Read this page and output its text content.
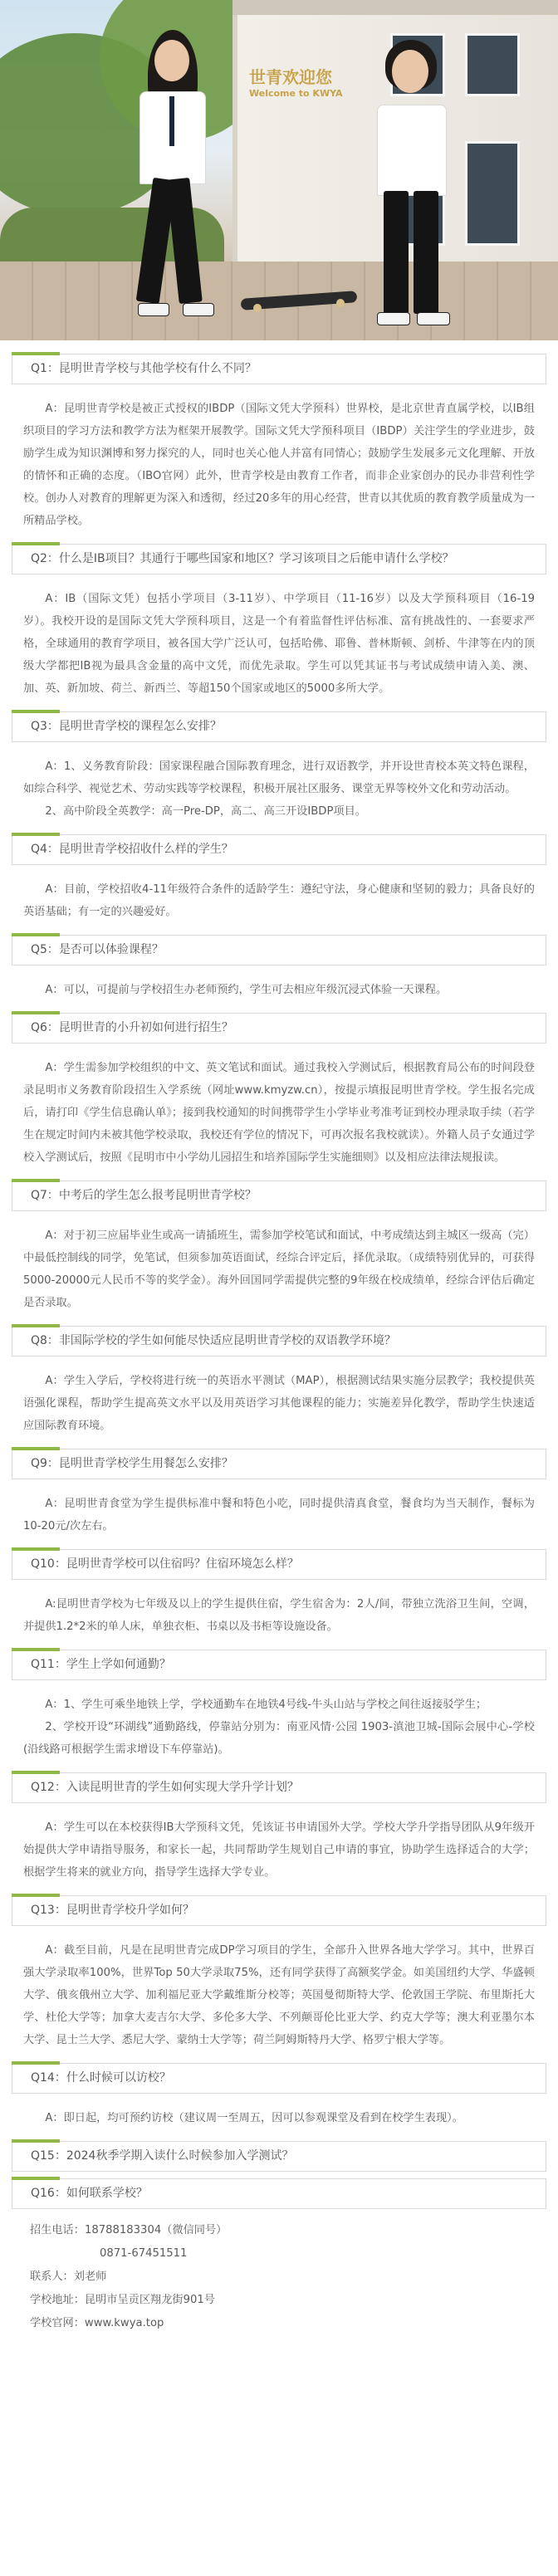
世青欢迎您
Welcome to KWYA
Q1：昆明世青学校与其他学校有什么不同？

A：昆明世青学校是被正式授权的IBDP（国际文凭大学预科）世界校，是北京世青直属学校，以IB组织项目的学习方法和教学方法为框架开展教学。国际文凭大学预科项目（IBDP）关注学生的学业进步，鼓励学生成为知识渊博和努力探究的人，同时也关心他人并富有同情心；鼓励学生发展多元文化理解、开放的情怀和正确的态度。（IBO官网）此外，世青学校是由教育工作者，而非企业家创办的民办非营利性学校。创办人对教育的理解更为深入和透彻，经过20多年的用心经营，世青以其优质的教育教学质量成为一所精品学校。

Q2：什么是IB项目？其通行于哪些国家和地区？学习该项目之后能申请什么学校？

A：IB（国际文凭）包括小学项目（3-11岁）、中学项目（11-16岁）以及大学预科项目（16-19岁）。我校开设的是国际文凭大学预科项目，这是一个有着监督性评估标准、富有挑战性的、一套要求严格，全球通用的教育学项目，被各国大学广泛认可，包括哈佛、耶鲁、普林斯顿、剑桥、牛津等在内的顶级大学都把IB视为最具含金量的高中文凭，而优先录取。学生可以凭其证书与考试成绩申请入美、澳、加、英、新加坡、荷兰、新西兰、等超150个国家或地区的5000多所大学。

Q3：昆明世青学校的课程怎么安排？

A：1、义务教育阶段：国家课程融合国际教育理念，进行双语教学，并开设世青校本英文特色课程，如综合科学、视觉艺术、劳动实践等学校课程，积极开展社区服务、课堂无界等校外文化和劳动活动。

2、高中阶段全英教学：高一Pre-DP，高二、高三开设IBDP项目。

Q4：昆明世青学校招收什么样的学生？

A：目前，学校招收4-11年级符合条件的适龄学生：遵纪守法，身心健康和坚韧的毅力；具备良好的英语基础；有一定的兴趣爱好。

Q5：是否可以体验课程？

A：可以，可提前与学校招生办老师预约，学生可去相应年级沉浸式体验一天课程。

Q6：昆明世青的小升初如何进行招生？

A：学生需参加学校组织的中文、英文笔试和面试。通过我校入学测试后，根据教育局公布的时间段登录昆明市义务教育阶段招生入学系统（网址www.kmyzw.cn），按提示填报昆明世青学校。学生报名完成后，请打印《学生信息确认单》；接到我校通知的时间携带学生小学毕业考准考证到校办理录取手续（若学生在规定时间内未被其他学校录取，我校还有学位的情况下，可再次报名我校就读）。外籍人员子女通过学校入学测试后，按照《昆明市中小学幼儿园招生和培养国际学生实施细则》以及相应法律法规报读。

Q7：中考后的学生怎么报考昆明世青学校？

A：对于初三应届毕业生或高一请插班生，需参加学校笔试和面试，中考成绩达到主城区一级高（完）中最低控制线的同学，免笔试，但须参加英语面试，经综合评定后，择优录取。（成绩特别优异的，可获得5000-20000元人民币不等的奖学金）。海外回国同学需提供完整的9年级在校成绩单，经综合评估后确定是否录取。

Q8：非国际学校的学生如何能尽快适应昆明世青学校的双语教学环境？

A：学生入学后，学校将进行统一的英语水平测试（MAP），根据测试结果实施分层教学；我校提供英语强化课程，帮助学生提高英文水平以及用英语学习其他课程的能力；实施差异化教学，帮助学生快速适应国际教育环境。

Q9：昆明世青学校学生用餐怎么安排？

A：昆明世青食堂为学生提供标准中餐和特色小吃，同时提供清真食堂，餐食均为当天制作，餐标为10-20元/次左右。

Q10：昆明世青学校可以住宿吗？住宿环境怎么样？

A:昆明世青学校为七年级及以上的学生提供住宿，学生宿舍为：2人/间，带独立洗浴卫生间，空调，并提供1.2*2米的单人床，单独衣柜、书桌以及书柜等设施设备。

Q11：学生上学如何通勤？

A：1、学生可乘坐地铁上学，学校通勤车在地铁4号线-牛头山站与学校之间往返接驳学生；

2、学校开设“环湖线”通勤路线，停靠站分别为：南亚风情·公园 1903-滇池卫城-国际会展中心-学校(沿线路可根据学生需求增设下车停靠站)。

Q12：入读昆明世青的学生如何实现大学升学计划？

A：学生可以在本校获得IB大学预科文凭，凭该证书申请国外大学。学校大学升学指导团队从9年级开始提供大学申请指导服务，和家长一起，共同帮助学生规划自己申请的事宜，协助学生选择适合的大学；根据学生将来的就业方向，指导学生选择大学专业。

Q13：昆明世青学校升学如何？

A：截至目前，凡是在昆明世青完成DP学习项目的学生，全部升入世界各地大学学习。其中，世界百强大学录取率100%，世界Top 50大学录取75%，还有同学获得了高额奖学金。如美国纽约大学、华盛顿大学、俄亥俄州立大学、加利福尼亚大学戴维斯分校等；英国曼彻斯特大学、伦敦国王学院、布里斯托大学、杜伦大学等；加拿大麦吉尔大学、多伦多大学、不列颠哥伦比亚大学、约克大学等；澳大利亚墨尔本大学、昆士兰大学、悉尼大学、蒙纳士大学等；荷兰阿姆斯特丹大学、格罗宁根大学等。

Q14：什么时候可以访校？

A：即日起，均可预约访校（建议周一至周五，因可以参观课堂及看到在校学生表现）。

Q15：2024秋季学期入读什么时候参加入学测试？
Q16：如何联系学校？
招生电话：18788183304（微信同号）
0871-67451511
联系人：刘老师
学校地址：昆明市呈贡区翔龙街901号
学校官网：www.kwya.top
